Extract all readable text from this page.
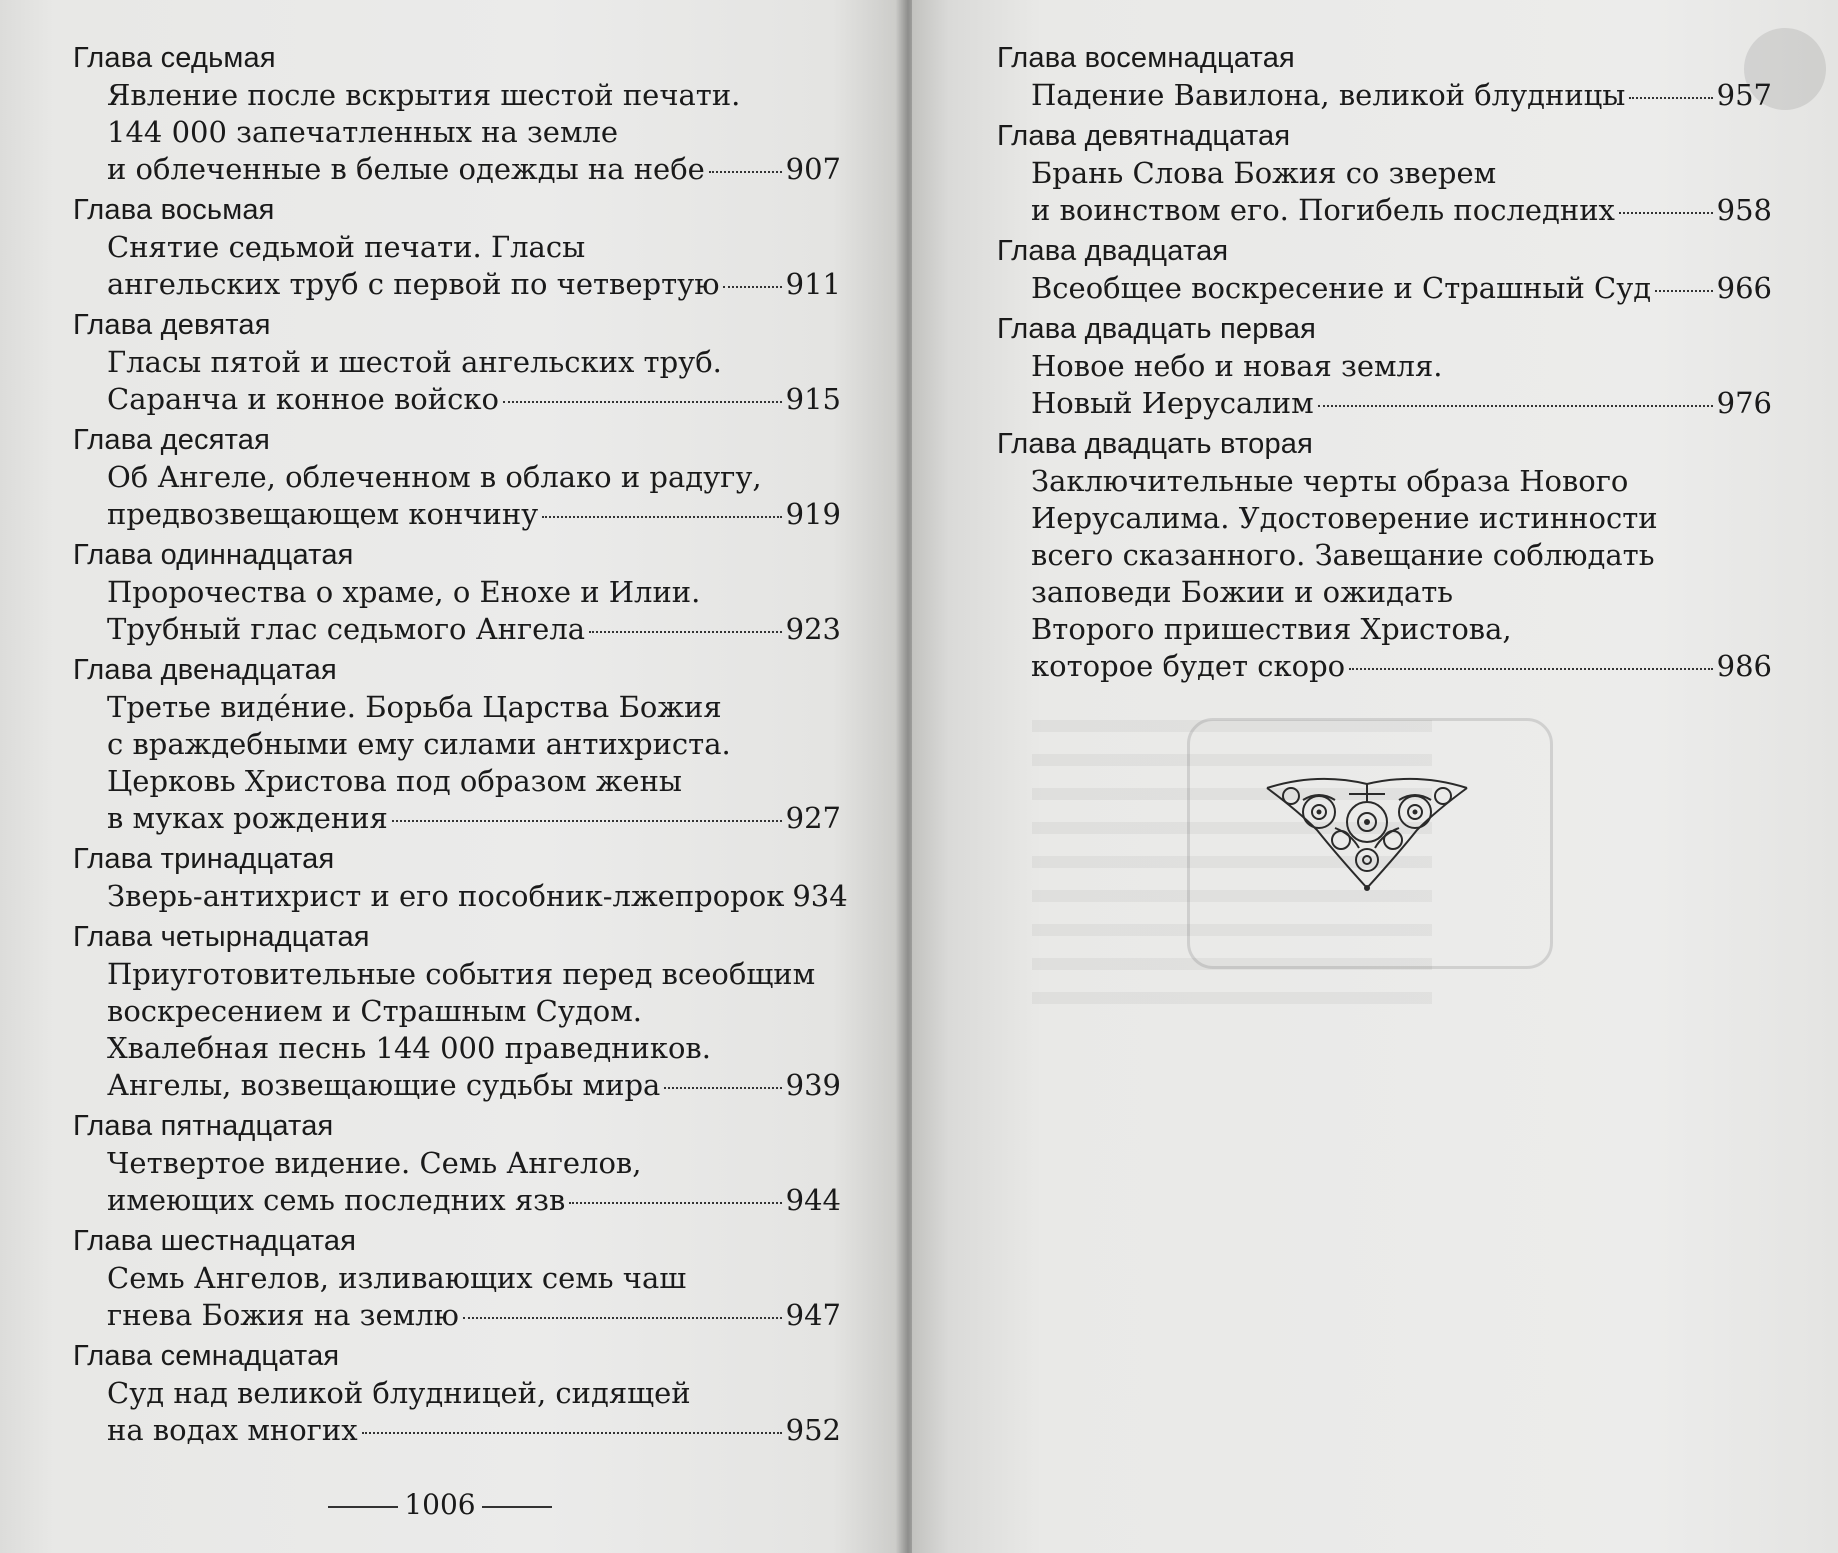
Глава седьмая
Явление после вскрытия шестой печати.
144 000 запечатленных на земле
и облеченные в белые одежды на небе	907
Глава восьмая
Снятие седьмой печати. Гласы
ангельских труб с первой по четвертую 911
Глава девятая
Гласы пятой и шестой ангельских труб.
Саранча и конное войско	915
Глава десятая
Об Ангеле, облеченном в облако и радугу,
предвозвещающем кончину	919
Глава одиннадцатая
Пророчества о храме, о Енохе и Илии.
Трубный глас седьмого Ангела	923
Глава двенадцатая
Третье виде́ние. Борьба Царства Божия
с враждебными ему силами антихриста.
Церковь Христова под образом жены
в муках рождения	927
Глава тринадцатая
Зверь-антихрист и его пособник-лжепророк 934
Глава четырнадцатая
Приуготовительные события перед всеобщим
воскресением и Страшным Судом.
Хвалебная песнь 144 000 праведников.
Ангелы, возвещающие судьбы мира	939
Глава пятнадцатая
Четвертое видение. Семь Ангелов,
имеющих семь последних язв	944
Глава шестнадцатая
Семь Ангелов, изливающих семь чаш
гнева Божия на землю	947
Глава семнадцатая
Суд над великой блудницей, сидящей
на водах многих	952
1006
Глава восемнадцатая
Падение Вавилона, великой блудницы	957
Глава девятнадцатая
Брань Слова Божия со зверем
и воинством его. Погибель последних	958
Глава двадцатая
Всеобщее воскресение и Страшный Суд 966
Глава двадцать первая
Новое небо и новая земля.
Новый Иерусалим	976
Глава двадцать вторая
Заключительные черты образа Нового
Иерусалима. Удостоверение истинности
всего сказанного. Завещание соблюдать
заповеди Божии и ожидать
Второго пришествия Христова,
которое будет скоро	986
